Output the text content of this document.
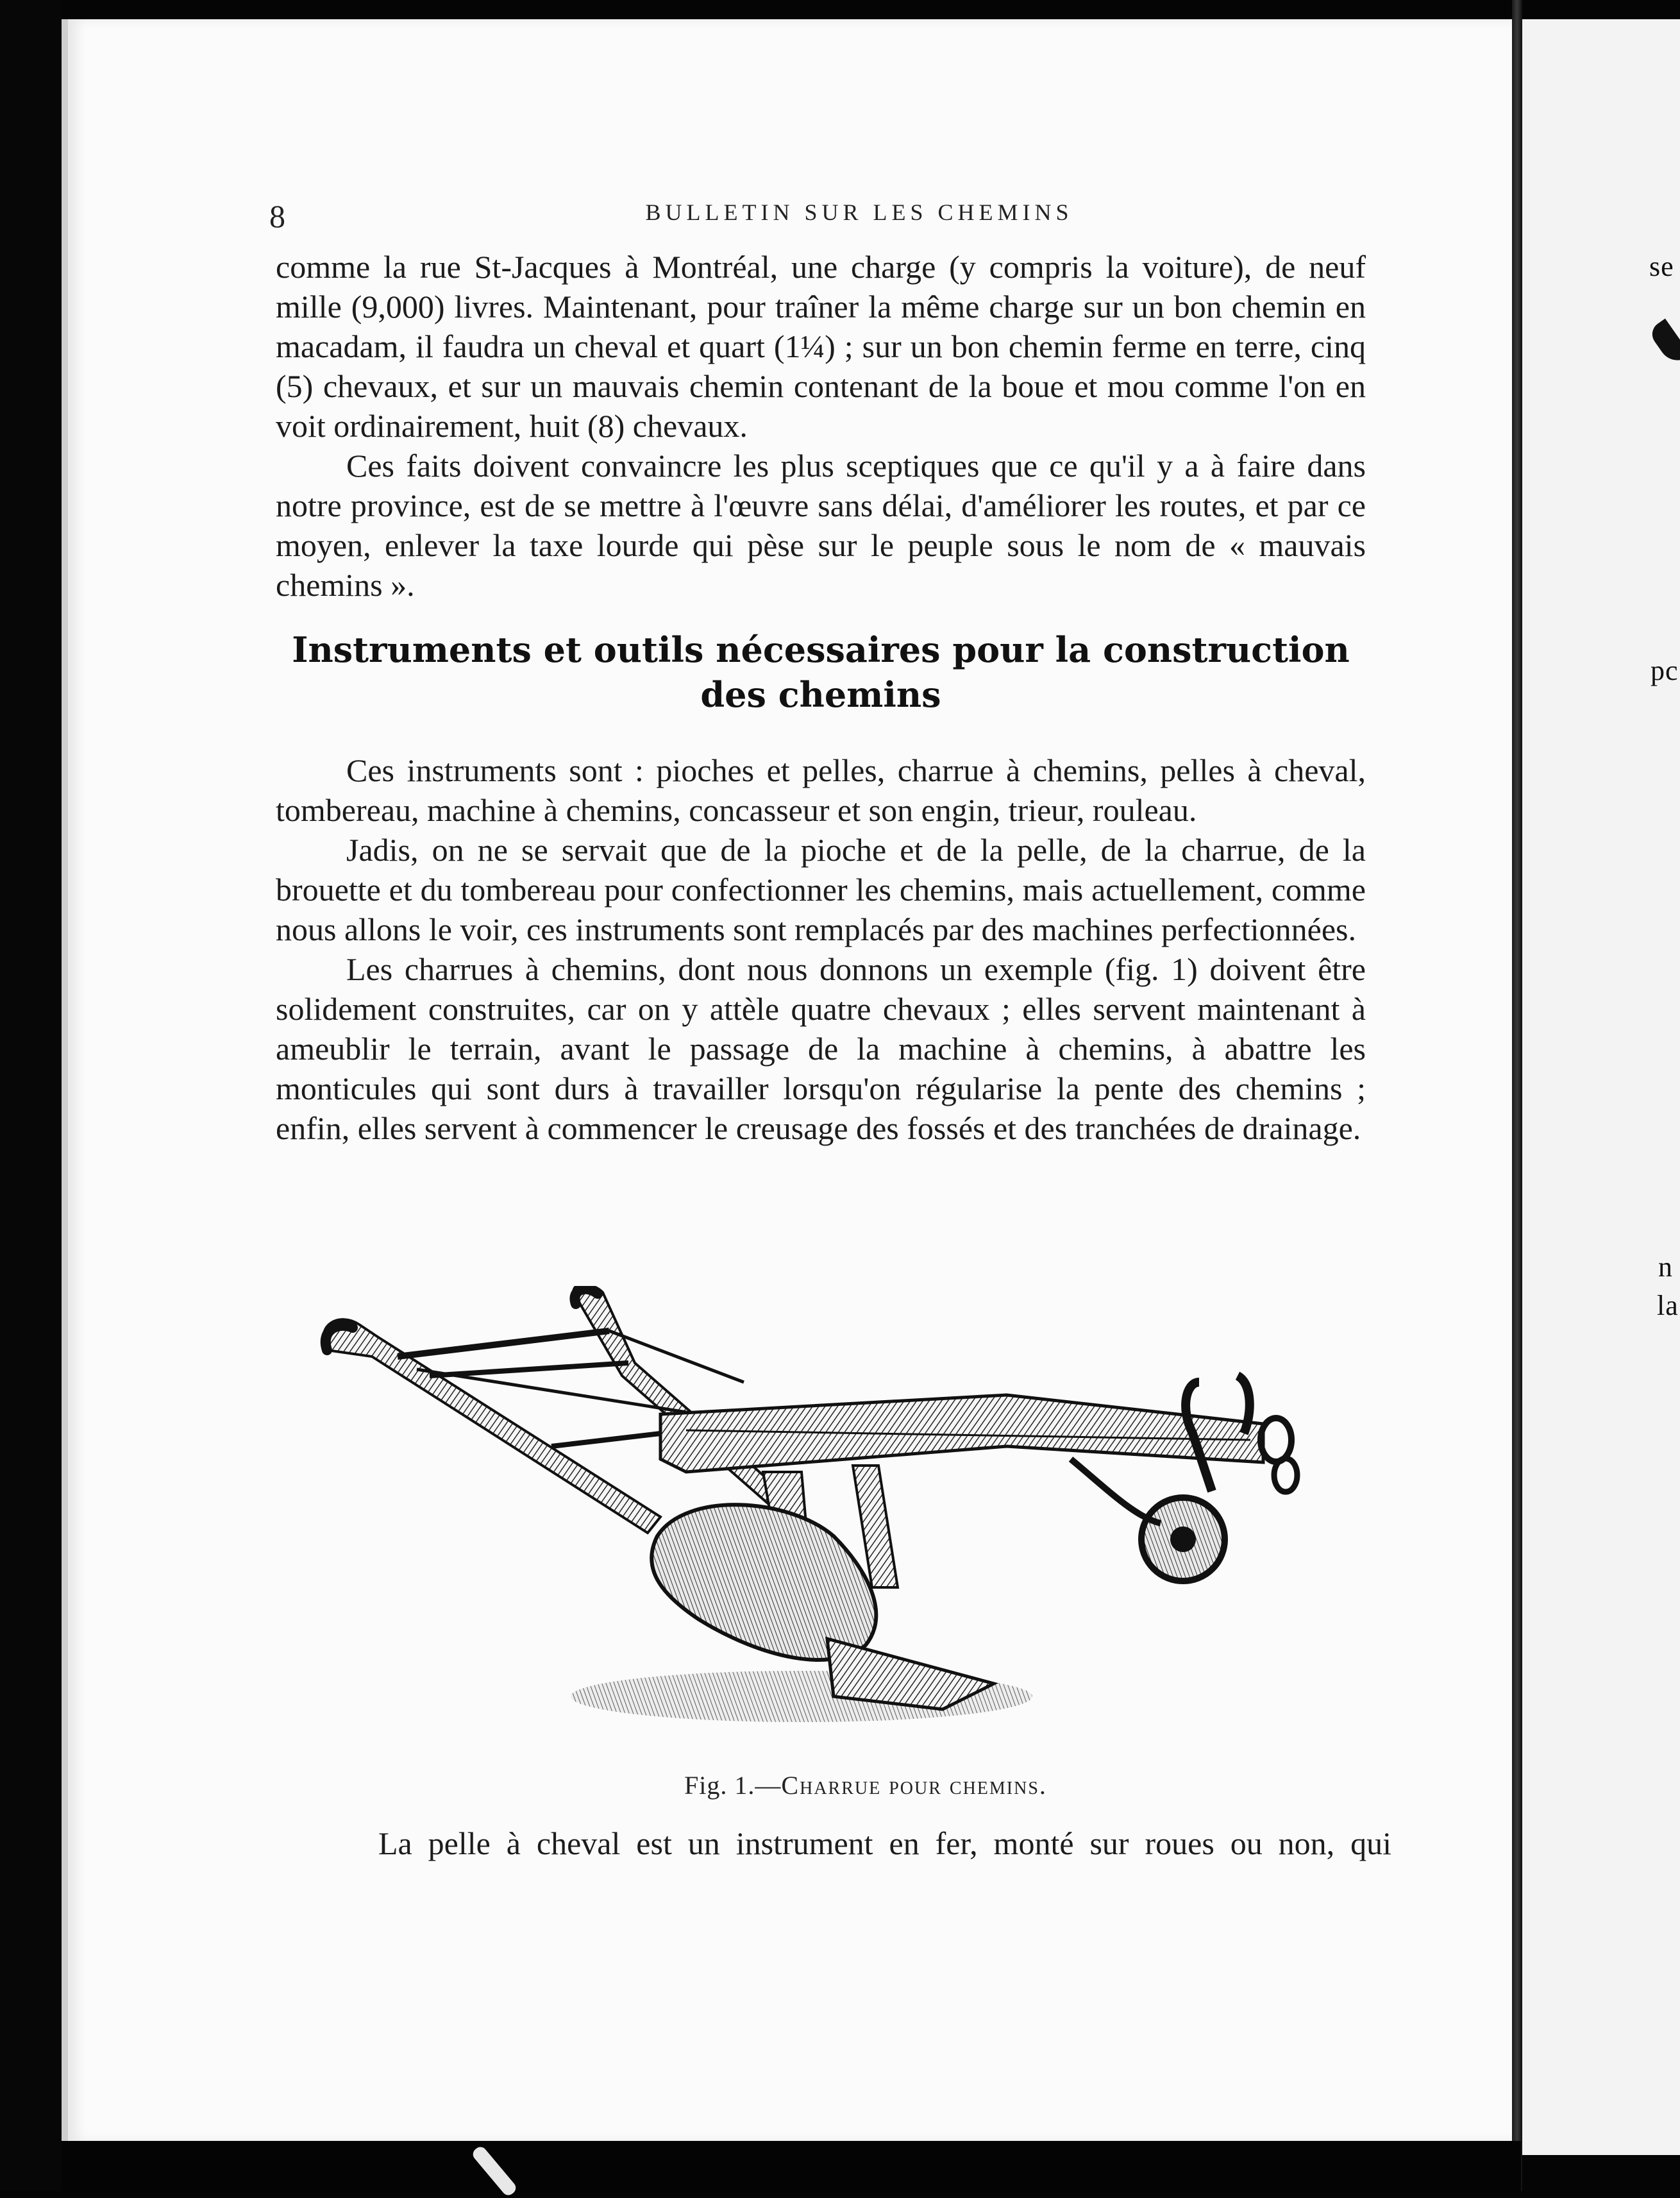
se
pc
n
la
8	BULLETIN SUR LES CHEMINS

comme la rue St-Jacques à Montréal, une charge (y compris la voiture), de neuf mille (9,000) livres. Maintenant, pour traîner la même charge sur un bon chemin en macadam, il faudra un cheval et quart (1¼) ; sur un bon chemin ferme en terre, cinq (5) chevaux, et sur un mauvais chemin contenant de la boue et mou comme l'on en voit ordinairement, huit (8) chevaux.

Ces faits doivent convaincre les plus sceptiques que ce qu'il y a à faire dans notre province, est de se mettre à l'œuvre sans délai, d'améliorer les routes, et par ce moyen, enlever la taxe lourde qui pèse sur le peuple sous le nom de « mauvais chemins ».

Instruments et outils nécessaires pour la construction
des chemins

Ces instruments sont : pioches et pelles, charrue à chemins, pelles à cheval, tombereau, machine à chemins, concasseur et son engin, trieur, rouleau.

Jadis, on ne se servait que de la pioche et de la pelle, de la charrue, de la brouette et du tombereau pour confectionner les chemins, mais actuellement, comme nous allons le voir, ces instruments sont remplacés par des machines perfectionnées.

Les charrues à chemins, dont nous donnons un exemple (fig. 1) doivent être solidement construites, car on y attèle quatre chevaux ; elles servent maintenant à ameublir le terrain, avant le passage de la machine à chemins, à abattre les monticules qui sont durs à travailler lorsqu'on régularise la pente des chemins ; enfin, elles servent à commencer le creusage des fossés et des tranchées de drainage.

Fig. 1.—Charrue pour chemins.
La pelle à cheval est un instrument en fer, monté sur roues ou non, qui
